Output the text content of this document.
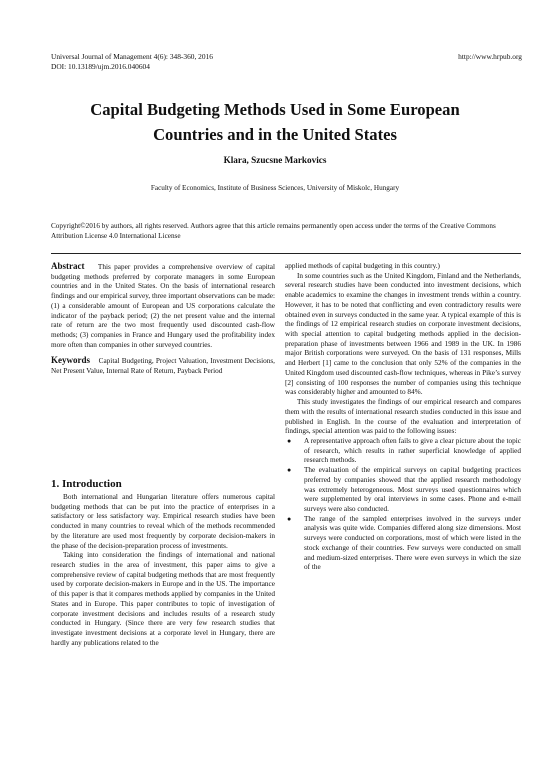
Universal Journal of Management 4(6): 348-360, 2016
DOI: 10.13189/ujm.2016.040604
http://www.hrpub.org
Capital Budgeting Methods Used in Some European
Countries and in the United States
Klara, Szucsne Markovics
Faculty of Economics, Institute of Business Sciences, University of Miskolc, Hungary
Copyright©2016 by authors, all rights reserved. Authors agree that this article remains permanently open access under the terms of the Creative Commons Attribution License 4.0 International License

Abstract This paper provides a comprehensive overview of capital budgeting methods preferred by corporate managers in some European countries and in the United States. On the basis of international research findings and our empirical survey, three important observations can be made: (1) a considerable amount of European and US corporations calculate the indicator of the payback period; (2) the net present value and the internal rate of return are the two most frequently used discounted cash-flow methods; (3) companies in France and Hungary used the profitability index more often than companies in other surveyed countries.

Keywords Capital Budgeting, Project Valuation, Investment Decisions, Net Present Value, Internal Rate of Return, Payback Period

1. Introduction

Both international and Hungarian literature offers numerous capital budgeting methods that can be put into the practice of enterprises in a satisfactory or less satisfactory way. Empirical research studies have been conducted in many countries to reveal which of the methods recommended by the literature are used most frequently by corporate decision-makers in the phase of the decision-preparation process of investments.

Taking into consideration the findings of international and national research studies in the area of investment, this paper aims to give a comprehensive review of capital budgeting methods that are most frequently used by corporate decision-makers in Europe and in the US. The importance of this paper is that it compares methods applied by companies in the United States and in Europe. This paper contributes to topic of investigation of corporate investment decisions and includes results of a research study conducted in Hungary. (Since there are very few research studies that investigate investment decisions at a corporate level in Hungary, there are hardly any publications related to the

applied methods of capital budgeting in this country.)

In some countries such as the United Kingdom, Finland and the Netherlands, several research studies have been conducted into investment decisions, which enable academics to examine the changes in investment trends within a country. However, it has to be noted that conflicting and even contradictory results were obtained even in surveys conducted in the same year. A typical example of this is the findings of 12 empirical research studies on corporate investment decisions, with special attention to capital budgeting methods applied in the decision-preparation phase of investments between 1966 and 1989 in the UK. In 1986 major British corporations were surveyed. On the basis of 131 responses, Mills and Herbert [1] came to the conclusion that only 52% of the companies in the United Kingdom used discounted cash-flow techniques, whereas in Pike’s survey [2] consisting of 100 responses the number of companies using this technique was considerably higher and amounted to 84%.

This study investigates the findings of our empirical research and compares them with the results of international research studies conducted in this issue and published in English. In the course of the evaluation and interpretation of findings, special attention was paid to the following issues:

● A representative approach often fails to give a clear picture about the topic of research, which results in rather superficial knowledge of applied research methods.
● The evaluation of the empirical surveys on capital budgeting practices preferred by companies showed that the applied research methodology was extremely heterogeneous. Most surveys used questionnaires which were supplemented by oral interviews in some cases. Phone and e-mail surveys were also conducted.
● The range of the sampled enterprises involved in the surveys under analysis was quite wide. Companies differed along size dimensions. Most surveys were conducted on corporations, most of which were listed in the stock exchange of their countries. Few surveys were conducted on small and medium-sized enterprises. There were even surveys in which the size of the
